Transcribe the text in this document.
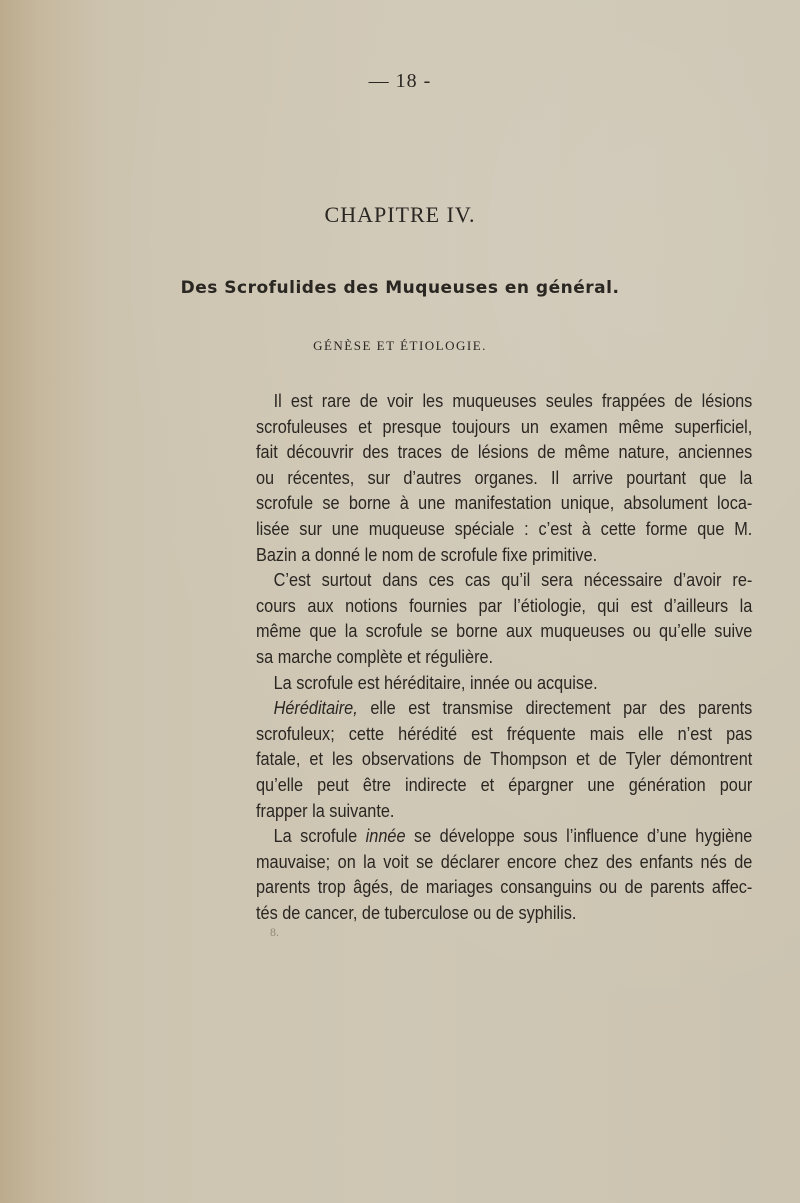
— 18 -
CHAPITRE IV.
Des Scrofulides des Muqueuses en général.
GÉNÈSE ET ÉTIOLOGIE.
Il est rare de voir les muqueuses seules frappées de lésions
scrofuleuses et presque toujours un examen même superficiel,
fait découvrir des traces de lésions de même nature, anciennes
ou récentes, sur d’autres organes. Il arrive pourtant que la
scrofule se borne à une manifestation unique, absolument loca-
lisée sur une muqueuse spéciale : c’est à cette forme que M.
Bazin a donné le nom de scrofule fixe primitive.
C’est surtout dans ces cas qu’il sera nécessaire d’avoir re-
cours aux notions fournies par l’étiologie, qui est d’ailleurs la
même que la scrofule se borne aux muqueuses ou qu’elle suive
sa marche complète et régulière.
La scrofule est héréditaire, innée ou acquise.
Héréditaire, elle est transmise directement par des parents
scrofuleux; cette hérédité est fréquente mais elle n’est pas
fatale, et les observations de Thompson et de Tyler démontrent
qu’elle peut être indirecte et épargner une génération pour
frapper la suivante.
La scrofule innée se développe sous l’influence d’une hygiène
mauvaise; on la voit se déclarer encore chez des enfants nés de
parents trop âgés, de mariages consanguins ou de parents affec-
tés de cancer, de tuberculose ou de syphilis.
8.
